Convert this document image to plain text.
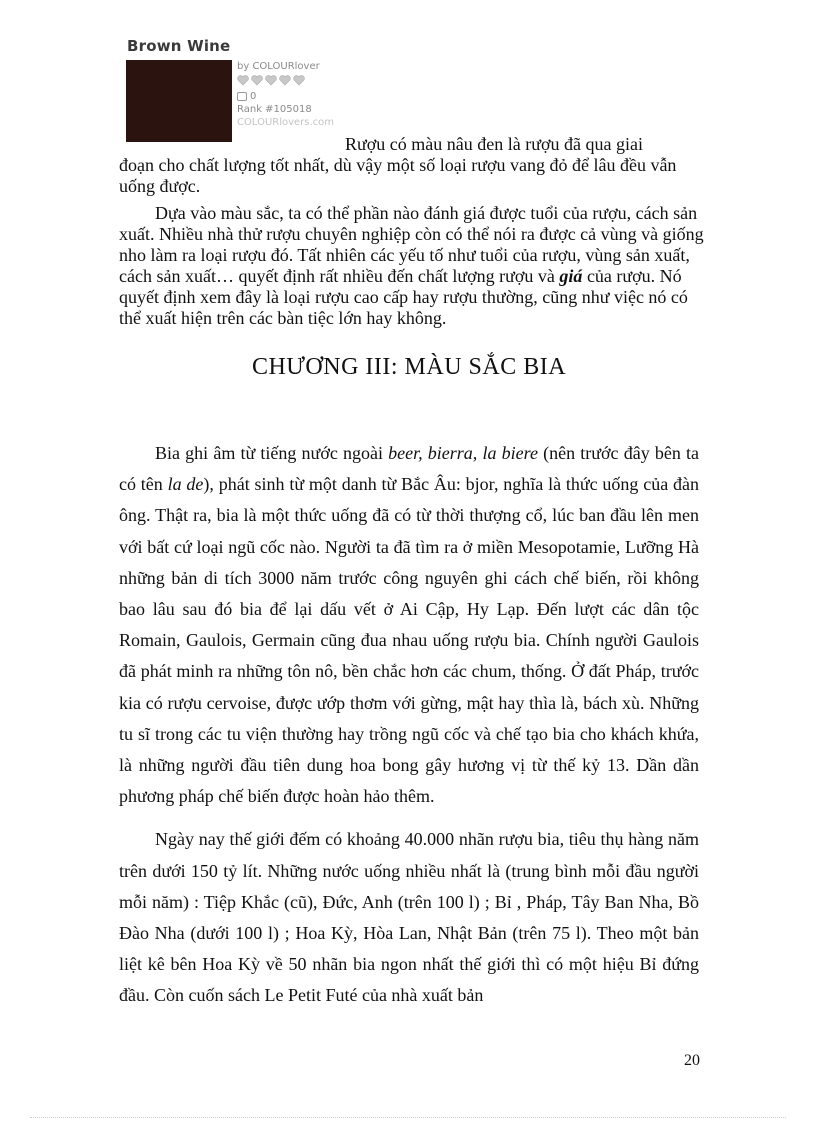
Brown Wine
by COLOURlover
0
Rank #105018
COLOURlovers.com
Rượu có màu nâu đen là rượu đã qua giai

đoạn cho chất lượng tốt nhất, dù vậy một số loại rượu vang đỏ để lâu đều vẫn uống được.

Dựa vào màu sắc, ta có thể phần nào đánh giá được tuổi của rượu, cách sản xuất. Nhiều nhà thử rượu chuyên nghiệp còn có thể nói ra được cả vùng và giống nho làm ra loại rượu đó. Tất nhiên các yếu tố như tuổi của rượu, vùng sản xuất, cách sản xuất… quyết định rất nhiều đến chất lượng rượu và giá của rượu. Nó quyết định xem đây là loại rượu cao cấp hay rượu thường, cũng như việc nó có thể xuất hiện trên các bàn tiệc lớn hay không.

CHƯƠNG III: MÀU SẮC BIA

Bia ghi âm từ tiếng nước ngoài beer, bierra, la biere (nên trước đây bên ta có tên la de), phát sinh từ một danh từ Bắc Âu: bjor, nghĩa là thức uống của đàn ông. Thật ra, bia là một thức uống đã có từ thời thượng cổ, lúc ban đầu lên men với bất cứ loại ngũ cốc nào. Người ta đã tìm ra ở miền Mesopotamie, Lưỡng Hà những bản di tích 3000 năm trước công nguyên ghi cách chế biến, rồi không bao lâu sau đó bia để lại dấu vết ở Ai Cập, Hy Lạp. Đến lượt các dân tộc Romain, Gaulois, Germain cũng đua nhau uống rượu bia. Chính người Gaulois đã phát minh ra những tôn nô, bền chắc hơn các chum, thống. Ở đất Pháp, trước kia có rượu cervoise, được ướp thơm với gừng, mật hay thìa là, bách xù. Những tu sĩ trong các tu viện thường hay trồng ngũ cốc và chế tạo bia cho khách khứa, là những người đầu tiên dung hoa bong gây hương vị từ thế kỷ 13. Dần dần phương pháp chế biến được hoàn hảo thêm.

Ngày nay thế giới đếm có khoảng 40.000 nhãn rượu bia, tiêu thụ hàng năm trên dưới 150 tỷ lít. Những nước uống nhiều nhất là (trung bình mỗi đầu người mỗi năm) : Tiệp Khắc (cũ), Đức, Anh (trên 100 l) ; Bỉ , Pháp, Tây Ban Nha, Bồ Đào Nha (dưới 100 l) ; Hoa Kỳ, Hòa Lan, Nhật Bản (trên 75 l). Theo một bản liệt kê bên Hoa Kỳ về 50 nhãn bia ngon nhất thế giới thì có một hiệu Bỉ đứng đầu. Còn cuốn sách Le Petit Futé của nhà xuất bản

20
